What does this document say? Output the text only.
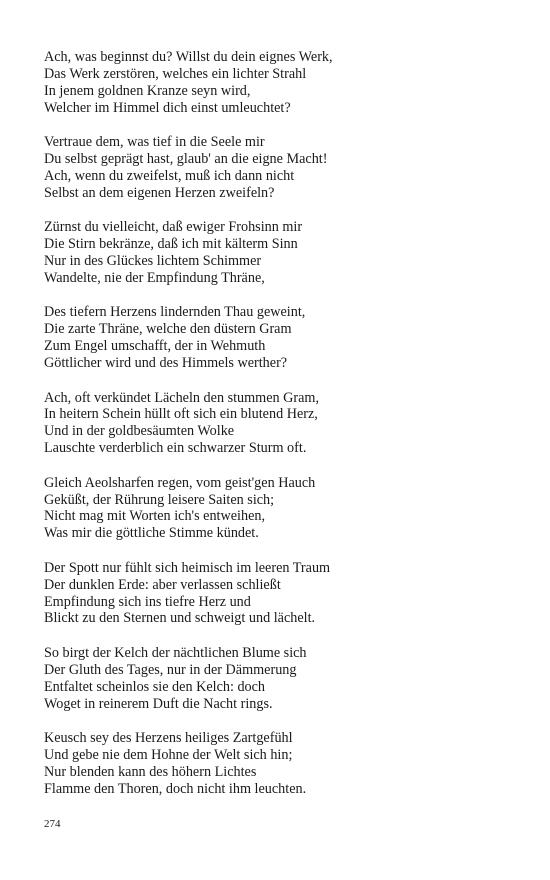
Ach, was beginnst du? Willst du dein eignes Werk,
Das Werk zerstören, welches ein lichter Strahl
In jenem goldnen Kranze seyn wird,
Welcher im Himmel dich einst umleuchtet?
Vertraue dem, was tief in die Seele mir
Du selbst geprägt hast, glaub' an die eigne Macht!
Ach, wenn du zweifelst, muß ich dann nicht
Selbst an dem eigenen Herzen zweifeln?
Zürnst du vielleicht, daß ewiger Frohsinn mir
Die Stirn bekränze, daß ich mit kälterm Sinn
Nur in des Glückes lichtem Schimmer
Wandelte, nie der Empfindung Thräne,
Des tiefern Herzens lindernden Thau geweint,
Die zarte Thräne, welche den düstern Gram
Zum Engel umschafft, der in Wehmuth
Göttlicher wird und des Himmels werther?
Ach, oft verkündet Lächeln den stummen Gram,
In heitern Schein hüllt oft sich ein blutend Herz,
Und in der goldbesäumten Wolke
Lauschte verderblich ein schwarzer Sturm oft.
Gleich Aeolsharfen regen, vom geist'gen Hauch
Geküßt, der Rührung leisere Saiten sich;
Nicht mag mit Worten ich's entweihen,
Was mir die göttliche Stimme kündet.
Der Spott nur fühlt sich heimisch im leeren Traum
Der dunklen Erde: aber verlassen schließt
Empfindung sich ins tiefre Herz und
Blickt zu den Sternen und schweigt und lächelt.
So birgt der Kelch der nächtlichen Blume sich
Der Gluth des Tages, nur in der Dämmerung
Entfaltet scheinlos sie den Kelch: doch
Woget in reinerem Duft die Nacht rings.
Keusch sey des Herzens heiliges Zartgefühl
Und gebe nie dem Hohne der Welt sich hin;
Nur blenden kann des höhern Lichtes
Flamme den Thoren, doch nicht ihm leuchten.
274
